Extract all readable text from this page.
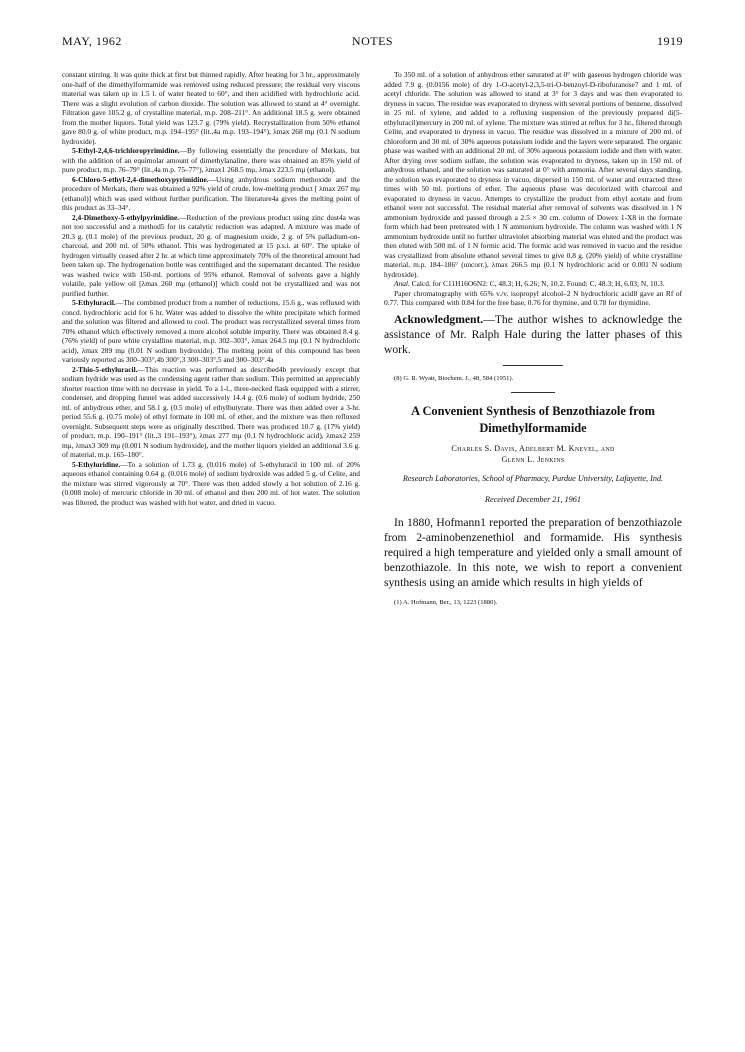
MAY, 1962	NOTES	1919

constant stirring. It was quite thick at first but thinned rapidly. After heating for 3 hr., approximately one-half of the dimethylformamide was removed using reduced pressure; the residual very viscous material was taken up in 1.5 l. of water heated to 60°, and then acidified with hydrochloric acid. There was a slight evolution of carbon dioxide. The solution was allowed to stand at 4° overnight. Filtration gave 105.2 g. of crystalline material, m.p. 208–211°. An additional 18.5 g. were obtained from the mother liquors. Total yield was 123.7 g. (79% yield). Recrystallization from 50% ethanol gave 80.0 g. of white product, m.p. 194–195° (lit.,4a m.p. 193–194°), λmax 268 mμ (0.1 N sodium hydroxide).

5-Ethyl-2,4,6-trichloropyrimidine.—By following essentially the procedure of Merkats, but with the addition of an equimolar amount of dimethylanaline, there was obtained an 85% yield of pure product, m.p. 76–79° (lit.,4a m.p. 75–77°), λmax1 268.5 mμ, λmax 223.5 mμ (ethanol).

6-Chloro-5-ethyl-2,4-dimethoxypyrimidine.—Using anhydrous sodium methoxide and the procedure of Merkats, there was obtained a 92% yield of crude, low-melting product [ λmax 267 mμ (ethanol)] which was used without further purification. The literature4a gives the melting point of this product as 33–34°.

2,4-Dimethoxy-5-ethylpyrimidine.—Reduction of the previous product using zinc dust4a was not too successful and a method5 for its catalytic reduction was adapted. A mixture was made of 20.3 g. (0.1 mole) of the previous product, 20 g. of magnesium oxide, 2 g. of 5% palladium-on-charcoal, and 200 ml. of 50% ethanol. This was hydrogenated at 15 p.s.i. at 60°. The uptake of hydrogen virtually ceased after 2 hr. at which time approximately 70% of the theoretical amount had been taken up. The hydrogenation bottle was centrifuged and the supernatant decanted. The residue was washed twice with 150-ml. portions of 95% ethanol. Removal of solvents gave a highly volatile, pale yellow oil [λmax 260 mμ (ethanol)] which could not be crystallized and was not purified further.

5-Ethyluracil.—The combined product from a number of reductions, 15.6 g., was refluxed with concd. hydrochloric acid for 6 hr. Water was added to dissolve the white precipitate which formed and the solution was filtered and allowed to cool. The product was recrystallized several times from 70% ethanol which effectively removed a more alcohol soluble impurity. There was obtained 8.4 g. (76% yield) of pure white crystalline material, m.p. 302–303°, λmax 264.5 mμ (0.1 N hydrochloric acid), λmax 289 mμ (0.01 N sodium hydroxide). The melting point of this compound has been variously reported as 300–303°,4b 300°,3 300–303°,5 and 300–303°.4a

2-Thio-5-ethyluracil.—This reaction was performed as described4b previously except that sodium hydride was used as the condensing agent rather than sodium. This permitted an appreciably shorter reaction time with no decrease in yield. To a 1-l., three-necked flask equipped with a stirrer, condenser, and dropping funnel was added successively 14.4 g. (0.6 mole) of sodium hydride, 250 ml. of anhydrous ether, and 58.1 g. (0.5 mole) of ethylbutyrate. There was then added over a 3-hr. period 55.6 g. (0.75 mole) of ethyl formate in 100 ml. of ether, and the mixture was then refluxed overnight. Subsequent steps were as originally described. There was produced 10.7 g. (17% yield) of product, m.p. 190–191° (lit.,3 191–193°), λmax 277 mμ (0.1 N hydrochloric acid), λmax2 259 mμ, λmax3 309 mμ (0.001 N sodium hydroxide), and the mother liquors yielded an additional 3.6 g. of material, m.p. 165–180°.

5-Ethyluridine.—To a solution of 1.73 g. (0.016 mole) of 5-ethyluracil in 100 ml. of 20% aqueous ethanol containing 0.64 g. (0.016 mole) of sodium hydroxide was added 5 g. of Celite, and the mixture was stirred vigorously at 70°. There was then added slowly a hot solution of 2.16 g. (0.008 mole) of mercuric chloride in 30 ml. of ethanol and then 200 ml. of hot water. The solution was filtered, the product was washed with hot water, and dried in vacuo.

To 350 ml. of a solution of anhydrous ether saturated at 0° with gaseous hydrogen chloride wax added 7.9 g. (0.0156 mole) of dry 1-O-acetyl-2,3,5-tri-O-benzoyl-D-ribofuranose7 and 1 ml. of acetyl chloride. The solution was allowed to stand at 3° for 3 days and was then evaporated to dryness in vacuo. The residue was evaporated to dryness with several portions of benzene, dissolved in 25 ml. of xylene, and added to a refluxing suspension of the previously prepared di(5-ethyluracil)mercury in 200 ml. of xylene. The mixture was stirred at reflux for 3 hr., filtered through Celite, and evaporated to dryness in vacuo. The residue was dissolved in a mixture of 200 ml. of chloroform and 30 ml. of 30% aqueous potassium iodide and the layers were separated. The organic phase was washed with an additional 20 ml. of 30% aqueous potassium iodide and then with water. After drying over sodium sulfate, the solution was evaporated to dryness, taken up in 150 ml. of anhydrous ethanol, and the solution was saturated at 0° with ammonia. After several days standing, the solution was evaporated to dryness in vacuo, dispersed in 150 ml. of water and extracted three times with 50 ml. portions of ether. The aqueous phase was decolorized with charcoal and evaporated to dryness in vacuo. Attempts to crystallize the product from ethyl acetate and from ethanol were not successful. The residual material after removal of solvents was dissolved in 1 N ammonium hydroxide and passed through a 2.5 × 30 cm. column of Dowex 1-X8 in the formate form which had been pretreated with 1 N ammonium hydroxide. The column was washed with 1 N ammonium hydroxide until no further ultraviolet absorbing material was eluted and the product was then eluted with 500 ml. of 1 N formic acid. The formic acid was removed in vacuo and the residue was crystallized from absolute ethanol several times to give 0.8 g. (20% yield) of white crystalline material, m.p. 184–186° (uncorr.), λmax 266.5 mμ (0.1 N hydrochloric acid or 0.001 N sodium hydroxide).

Anal. Calcd. for C11H16O6N2: C, 48.3; H, 6.26; N, 10.2. Found: C, 48.3; H, 6.03; N, 10.3.

Paper chromatography with 65% v./v. isopropyl alcohol–2 N hydrochloric acid8 gave an Rf of 0.77. This compared with 0.84 for the free base, 0.76 for thymine, and 0.78 for thymidine.

Acknowledgment.—The author wishes to acknowledge the assistance of Mr. Ralph Hale during the latter phases of this work.

(8) G. R. Wyatt, Biochem. J., 48, 584 (1951).

A Convenient Synthesis of Benzothiazole from Dimethylformamide
Charles S. Davis, Adelbert M. Knevel, and
Glenn L. Jenkins
Research Laboratories, School of Pharmacy, Purdue University, Lafayette, Ind.
Received December 21, 1961

In 1880, Hofmann1 reported the preparation of benzothiazole from 2-aminobenzenethiol and formamide. His synthesis required a high temperature and yielded only a small amount of benzothiazole. In this note, we wish to report a convenient synthesis using an amide which results in high yields of

(1) A. Hofmann, Ber., 13, 1223 (1880).
